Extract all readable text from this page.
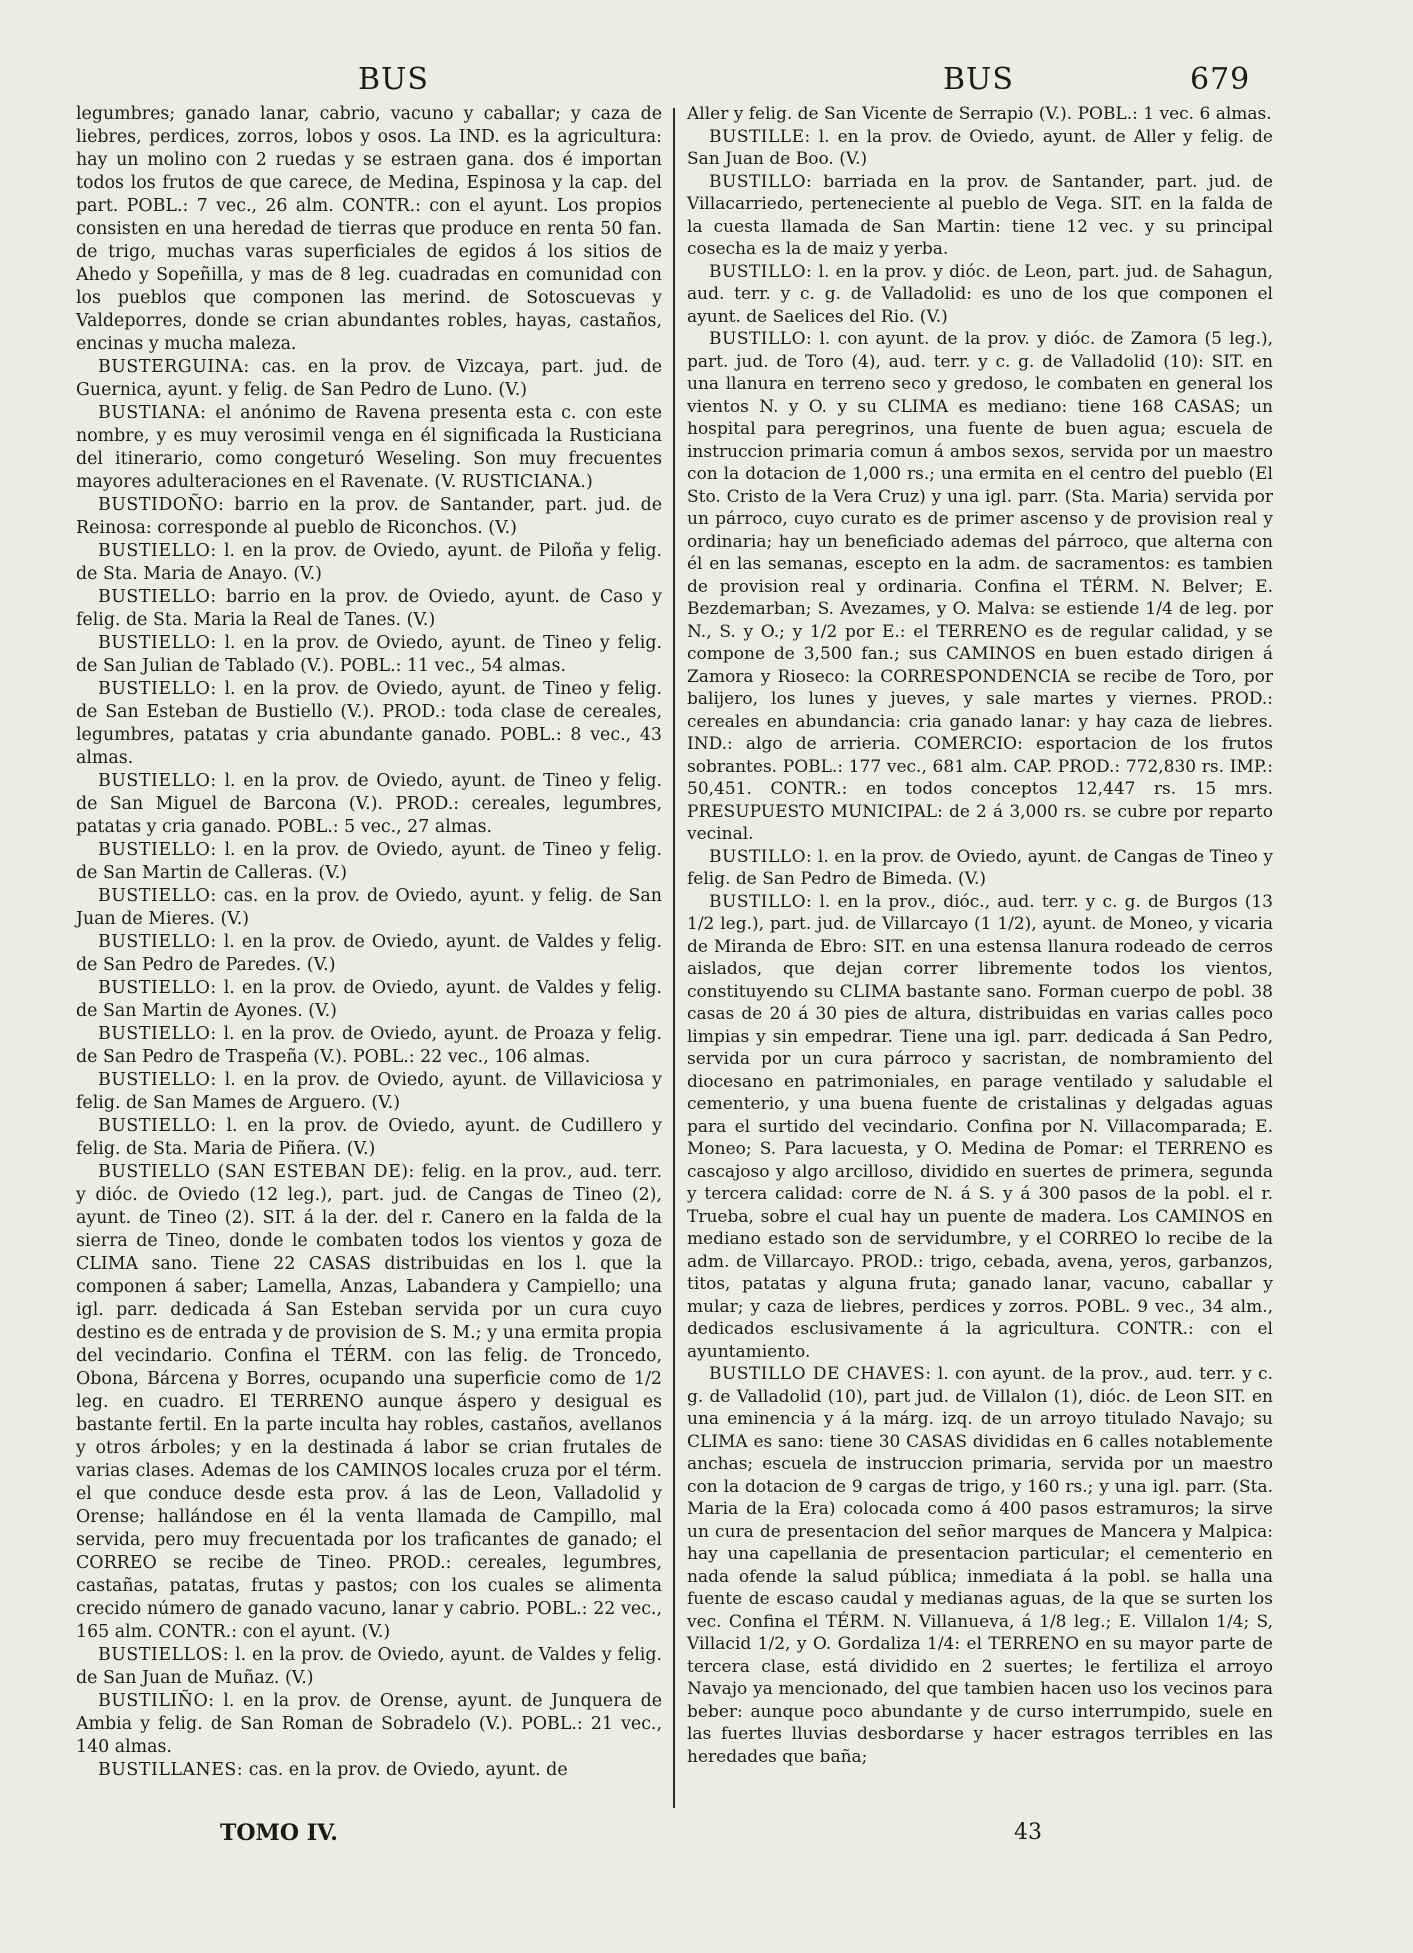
BUS	BUS	679

legumbres; ganado lanar, cabrio, vacuno y caballar; y caza de liebres, perdices, zorros, lobos y osos. La IND. es la agricultura: hay un molino con 2 ruedas y se estraen gana. dos é importan todos los frutos de que carece, de Medina, Espinosa y la cap. del part. POBL.: 7 vec., 26 alm. CONTR.: con el ayunt. Los propios consisten en una heredad de tierras que produce en renta 50 fan. de trigo, muchas varas superficiales de egidos á los sitios de Ahedo y Sopeñilla, y mas de 8 leg. cuadradas en comunidad con los pueblos que componen las merind. de Sotoscuevas y Valdeporres, donde se crian abundantes robles, hayas, castaños, encinas y mucha maleza.

BUSTERGUINA: cas. en la prov. de Vizcaya, part. jud. de Guernica, ayunt. y felig. de San Pedro de Luno. (V.)

BUSTIANA: el anónimo de Ravena presenta esta c. con este nombre, y es muy verosimil venga en él significada la Rusticiana del itinerario, como congeturó Weseling. Son muy frecuentes mayores adulteraciones en el Ravenate. (V. RUSTICIANA.)

BUSTIDOÑO: barrio en la prov. de Santander, part. jud. de Reinosa: corresponde al pueblo de Riconchos. (V.)

BUSTIELLO: l. en la prov. de Oviedo, ayunt. de Piloña y felig. de Sta. Maria de Anayo. (V.)

BUSTIELLO: barrio en la prov. de Oviedo, ayunt. de Caso y felig. de Sta. Maria la Real de Tanes. (V.)

BUSTIELLO: l. en la prov. de Oviedo, ayunt. de Tineo y felig. de San Julian de Tablado (V.). POBL.: 11 vec., 54 almas.

BUSTIELLO: l. en la prov. de Oviedo, ayunt. de Tineo y felig. de San Esteban de Bustiello (V.). PROD.: toda clase de cereales, legumbres, patatas y cria abundante ganado. POBL.: 8 vec., 43 almas.

BUSTIELLO: l. en la prov. de Oviedo, ayunt. de Tineo y felig. de San Miguel de Barcona (V.). PROD.: cereales, legumbres, patatas y cria ganado. POBL.: 5 vec., 27 almas.

BUSTIELLO: l. en la prov. de Oviedo, ayunt. de Tineo y felig. de San Martin de Calleras. (V.)

BUSTIELLO: cas. en la prov. de Oviedo, ayunt. y felig. de San Juan de Mieres. (V.)

BUSTIELLO: l. en la prov. de Oviedo, ayunt. de Valdes y felig. de San Pedro de Paredes. (V.)

BUSTIELLO: l. en la prov. de Oviedo, ayunt. de Valdes y felig. de San Martin de Ayones. (V.)

BUSTIELLO: l. en la prov. de Oviedo, ayunt. de Proaza y felig. de San Pedro de Traspeña (V.). POBL.: 22 vec., 106 almas.

BUSTIELLO: l. en la prov. de Oviedo, ayunt. de Villaviciosa y felig. de San Mames de Arguero. (V.)

BUSTIELLO: l. en la prov. de Oviedo, ayunt. de Cudillero y felig. de Sta. Maria de Piñera. (V.)

BUSTIELLO (SAN ESTEBAN DE): felig. en la prov., aud. terr. y dióc. de Oviedo (12 leg.), part. jud. de Cangas de Tineo (2), ayunt. de Tineo (2). SIT. á la der. del r. Canero en la falda de la sierra de Tineo, donde le combaten todos los vientos y goza de CLIMA sano. Tiene 22 CASAS distribuidas en los l. que la componen á saber; Lamella, Anzas, Labandera y Campiello; una igl. parr. dedicada á San Esteban servida por un cura cuyo destino es de entrada y de provision de S. M.; y una ermita propia del vecindario. Confina el TÉRM. con las felig. de Troncedo, Obona, Bárcena y Borres, ocupando una superficie como de 1/2 leg. en cuadro. El TERRENO aunque áspero y desigual es bastante fertil. En la parte inculta hay robles, castaños, avellanos y otros árboles; y en la destinada á labor se crian frutales de varias clases. Ademas de los CAMINOS locales cruza por el térm. el que conduce desde esta prov. á las de Leon, Valladolid y Orense; hallándose en él la venta llamada de Campillo, mal servida, pero muy frecuentada por los traficantes de ganado; el CORREO se recibe de Tineo. PROD.: cereales, legumbres, castañas, patatas, frutas y pastos; con los cuales se alimenta crecido número de ganado vacuno, lanar y cabrio. POBL.: 22 vec., 165 alm. CONTR.: con el ayunt. (V.)

BUSTIELLOS: l. en la prov. de Oviedo, ayunt. de Valdes y felig. de San Juan de Muñaz. (V.)

BUSTILIÑO: l. en la prov. de Orense, ayunt. de Junquera de Ambia y felig. de San Roman de Sobradelo (V.). POBL.: 21 vec., 140 almas.

BUSTILLANES: cas. en la prov. de Oviedo, ayunt. de

Aller y felig. de San Vicente de Serrapio (V.). POBL.: 1 vec. 6 almas.

BUSTILLE: l. en la prov. de Oviedo, ayunt. de Aller y felig. de San Juan de Boo. (V.)

BUSTILLO: barriada en la prov. de Santander, part. jud. de Villacarriedo, perteneciente al pueblo de Vega. SIT. en la falda de la cuesta llamada de San Martin: tiene 12 vec. y su principal cosecha es la de maiz y yerba.

BUSTILLO: l. en la prov. y dióc. de Leon, part. jud. de Sahagun, aud. terr. y c. g. de Valladolid: es uno de los que componen el ayunt. de Saelices del Rio. (V.)

BUSTILLO: l. con ayunt. de la prov. y dióc. de Zamora (5 leg.), part. jud. de Toro (4), aud. terr. y c. g. de Valladolid (10): SIT. en una llanura en terreno seco y gredoso, le combaten en general los vientos N. y O. y su CLIMA es mediano: tiene 168 CASAS; un hospital para peregrinos, una fuente de buen agua; escuela de instruccion primaria comun á ambos sexos, servida por un maestro con la dotacion de 1,000 rs.; una ermita en el centro del pueblo (El Sto. Cristo de la Vera Cruz) y una igl. parr. (Sta. Maria) servida por un párroco, cuyo curato es de primer ascenso y de provision real y ordinaria; hay un beneficiado ademas del párroco, que alterna con él en las semanas, escepto en la adm. de sacramentos: es tambien de provision real y ordinaria. Confina el TÉRM. N. Belver; E. Bezdemarban; S. Avezames, y O. Malva: se estiende 1/4 de leg. por N., S. y O.; y 1/2 por E.: el TERRENO es de regular calidad, y se compone de 3,500 fan.; sus CAMINOS en buen estado dirigen á Zamora y Rioseco: la CORRESPONDENCIA se recibe de Toro, por balijero, los lunes y jueves, y sale martes y viernes. PROD.: cereales en abundancia: cria ganado lanar: y hay caza de liebres. IND.: algo de arrieria. COMERCIO: esportacion de los frutos sobrantes. POBL.: 177 vec., 681 alm. CAP. PROD.: 772,830 rs. IMP.: 50,451. CONTR.: en todos conceptos 12,447 rs. 15 mrs. PRESUPUESTO MUNICIPAL: de 2 á 3,000 rs. se cubre por reparto vecinal.

BUSTILLO: l. en la prov. de Oviedo, ayunt. de Cangas de Tineo y felig. de San Pedro de Bimeda. (V.)

BUSTILLO: l. en la prov., dióc., aud. terr. y c. g. de Burgos (13 1/2 leg.), part. jud. de Villarcayo (1 1/2), ayunt. de Moneo, y vicaria de Miranda de Ebro: SIT. en una estensa llanura rodeado de cerros aislados, que dejan correr libremente todos los vientos, constituyendo su CLIMA bastante sano. Forman cuerpo de pobl. 38 casas de 20 á 30 pies de altura, distribuidas en varias calles poco limpias y sin empedrar. Tiene una igl. parr. dedicada á San Pedro, servida por un cura párroco y sacristan, de nombramiento del diocesano en patrimoniales, en parage ventilado y saludable el cementerio, y una buena fuente de cristalinas y delgadas aguas para el surtido del vecindario. Confina por N. Villacomparada; E. Moneo; S. Para lacuesta, y O. Medina de Pomar: el TERRENO es cascajoso y algo arcilloso, dividido en suertes de primera, segunda y tercera calidad: corre de N. á S. y á 300 pasos de la pobl. el r. Trueba, sobre el cual hay un puente de madera. Los CAMINOS en mediano estado son de servidumbre, y el CORREO lo recibe de la adm. de Villarcayo. PROD.: trigo, cebada, avena, yeros, garbanzos, titos, patatas y alguna fruta; ganado lanar, vacuno, caballar y mular; y caza de liebres, perdices y zorros. POBL. 9 vec., 34 alm., dedicados esclusivamente á la agricultura. CONTR.: con el ayuntamiento.

BUSTILLO DE CHAVES: l. con ayunt. de la prov., aud. terr. y c. g. de Valladolid (10), part jud. de Villalon (1), dióc. de Leon SIT. en una eminencia y á la márg. izq. de un arroyo titulado Navajo; su CLIMA es sano: tiene 30 CASAS divididas en 6 calles notablemente anchas; escuela de instruccion primaria, servida por un maestro con la dotacion de 9 cargas de trigo, y 160 rs.; y una igl. parr. (Sta. Maria de la Era) colocada como á 400 pasos estramuros; la sirve un cura de presentacion del señor marques de Mancera y Malpica: hay una capellania de presentacion particular; el cementerio en nada ofende la salud pública; inmediata á la pobl. se halla una fuente de escaso caudal y medianas aguas, de la que se surten los vec. Confina el TÉRM. N. Villanueva, á 1/8 leg.; E. Villalon 1/4; S, Villacid 1/2, y O. Gordaliza 1/4: el TERRENO en su mayor parte de tercera clase, está dividido en 2 suertes; le fertiliza el arroyo Navajo ya mencionado, del que tambien hacen uso los vecinos para beber: aunque poco abundante y de curso interrumpido, suele en las fuertes lluvias desbordarse y hacer estragos terribles en las heredades que baña;

TOMO IV.	43
